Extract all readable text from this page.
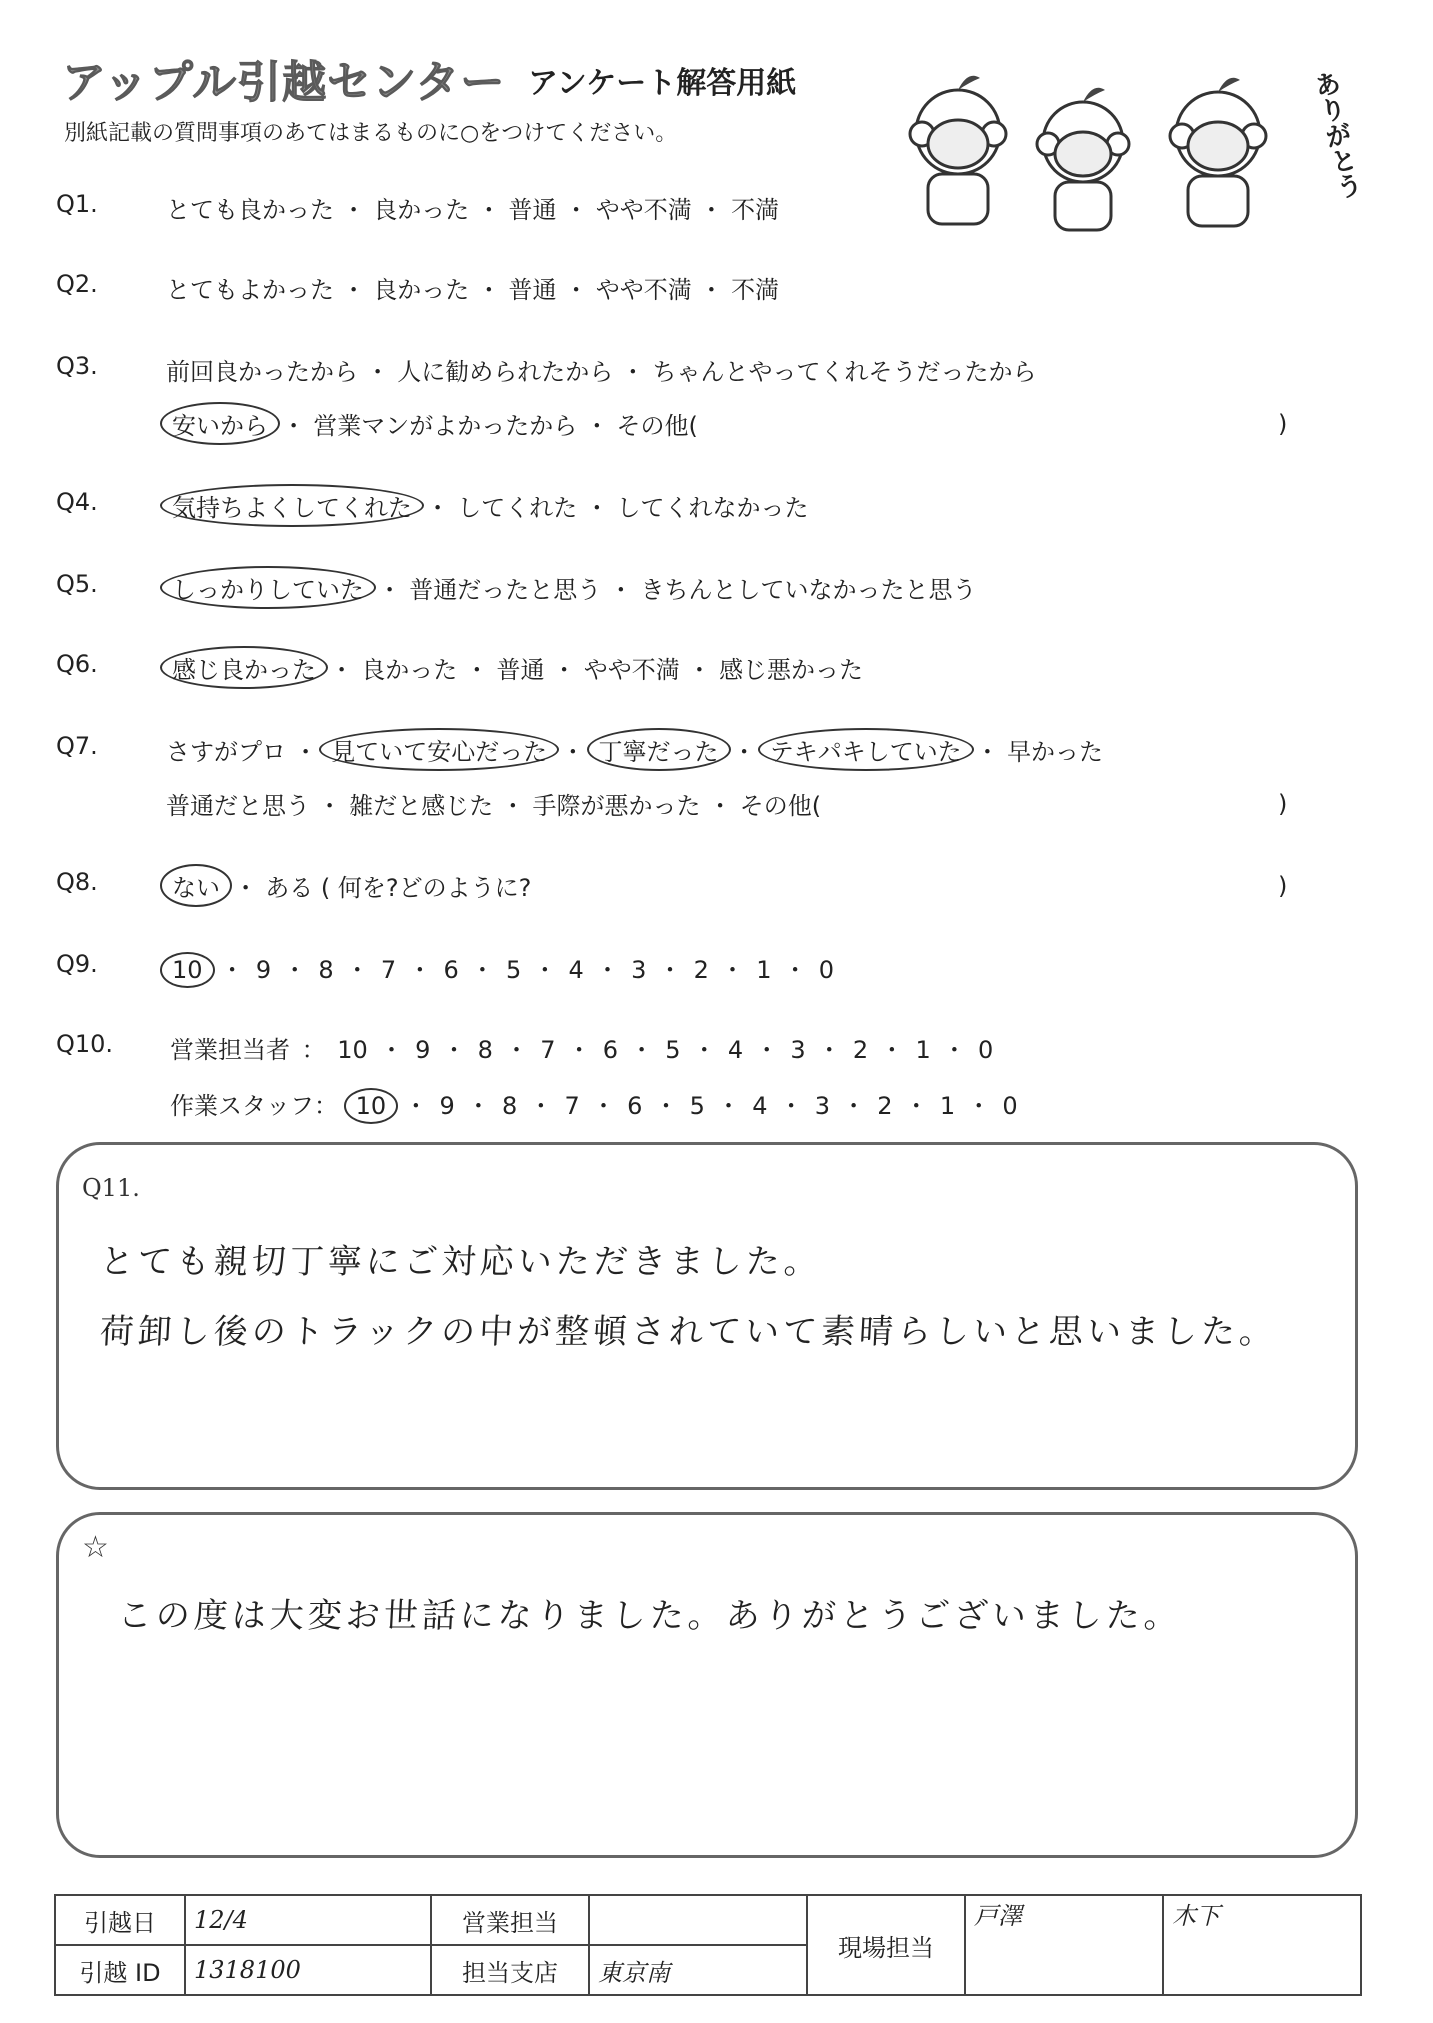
アップル引越センター アンケート解答用紙
別紙記載の質問事項のあてはまるものに○をつけてください。	ありがとう
Q1.	とても良かった ・ 良かった ・ 普通 ・ やや不満 ・ 不満
Q2.	とてもよかった ・ 良かった ・ 普通 ・ やや不満 ・ 不満
Q3.	前回良かったから ・ 人に勧められたから ・ ちゃんとやってくれそうだったから
安いから ・ 営業マンがよかったから ・ その他(	)
Q4.	気持ちよくしてくれた ・ してくれた ・ してくれなかった
Q5.	しっかりしていた ・ 普通だったと思う ・ きちんとしていなかったと思う
Q6.	感じ良かった ・ 良かった ・ 普通 ・ やや不満 ・ 感じ悪かった
Q7.	さすがプロ ・ 見ていて安心だった ・ 丁寧だった ・ テキパキしていた ・ 早かった
普通だと思う ・ 雑だと感じた ・ 手際が悪かった ・ その他(	)
Q8.	ない ・ ある ( 何を?どのように?	)
Q9.	10 ・ 9 ・ 8 ・ 7 ・ 6 ・ 5 ・ 4 ・ 3 ・ 2 ・ 1 ・ 0
Q10. 営業担当者 ： 10 ・ 9 ・ 8 ・ 7 ・ 6 ・ 5 ・ 4 ・ 3 ・ 2 ・ 1 ・ 0
作業スタッフ： 10 ・ 9 ・ 8 ・ 7 ・ 6 ・ 5 ・ 4 ・ 3 ・ 2 ・ 1 ・ 0
Q11.
とても親切丁寧にご対応いただきました。
荷卸し後のトラックの中が整頓されていて素晴らしいと思いました。
☆
この度は大変お世話になりました。ありがとうございました。
引越日	12/4	営業担当		現場担当	戸澤	木下
引越 ID	1318100	担当支店	東京南			
